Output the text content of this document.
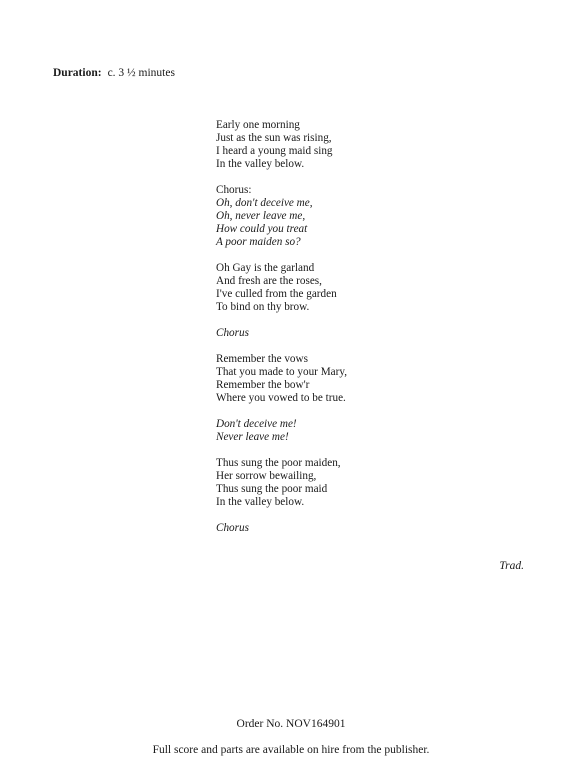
Duration: c. 3 ½ minutes
Early one morning
Just as the sun was rising,
I heard a young maid sing
In the valley below.
Chorus:
Oh, don't deceive me,
Oh, never leave me,
How could you treat
A poor maiden so?
Oh Gay is the garland
And fresh are the roses,
I've culled from the garden
To bind on thy brow.
Chorus
Remember the vows
That you made to your Mary,
Remember the bow'r
Where you vowed to be true.
Don't deceive me!
Never leave me!
Thus sung the poor maiden,
Her sorrow bewailing,
Thus sung the poor maid
In the valley below.
Chorus
Trad.
Order No. NOV164901
Full score and parts are available on hire from the publisher.
